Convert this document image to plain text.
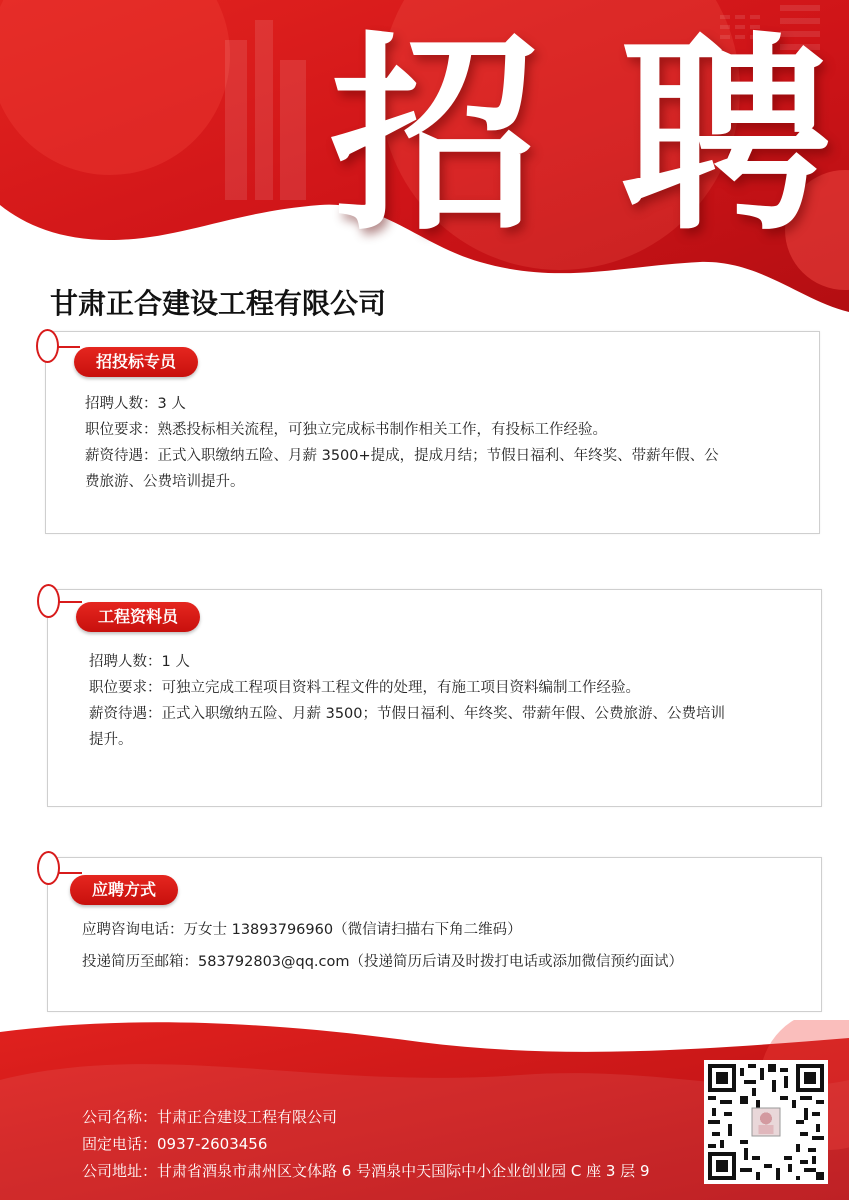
招 聘
甘肃正合建设工程有限公司
招投标专员

招聘人数：3 人

职位要求：熟悉投标相关流程，可独立完成标书制作相关工作，有投标工作经验。

薪资待遇：正式入职缴纳五险、月薪 3500+提成，提成月结；节假日福利、年终奖、带薪年假、公

费旅游、公费培训提升。

工程资料员

招聘人数：1 人

职位要求：可独立完成工程项目资料工程文件的处理，有施工项目资料编制工作经验。

薪资待遇：正式入职缴纳五险、月薪 3500；节假日福利、年终奖、带薪年假、公费旅游、公费培训

提升。

应聘方式

应聘咨询电话：万女士 13893796960（微信请扫描右下角二维码）

投递简历至邮箱：583792803@qq.com（投递简历后请及时拨打电话或添加微信预约面试）

公司名称：甘肃正合建设工程有限公司
固定电话：0937-2603456
公司地址：甘肃省酒泉市肃州区文体路 6 号酒泉中天国际中小企业创业园 C 座 3 层 9
